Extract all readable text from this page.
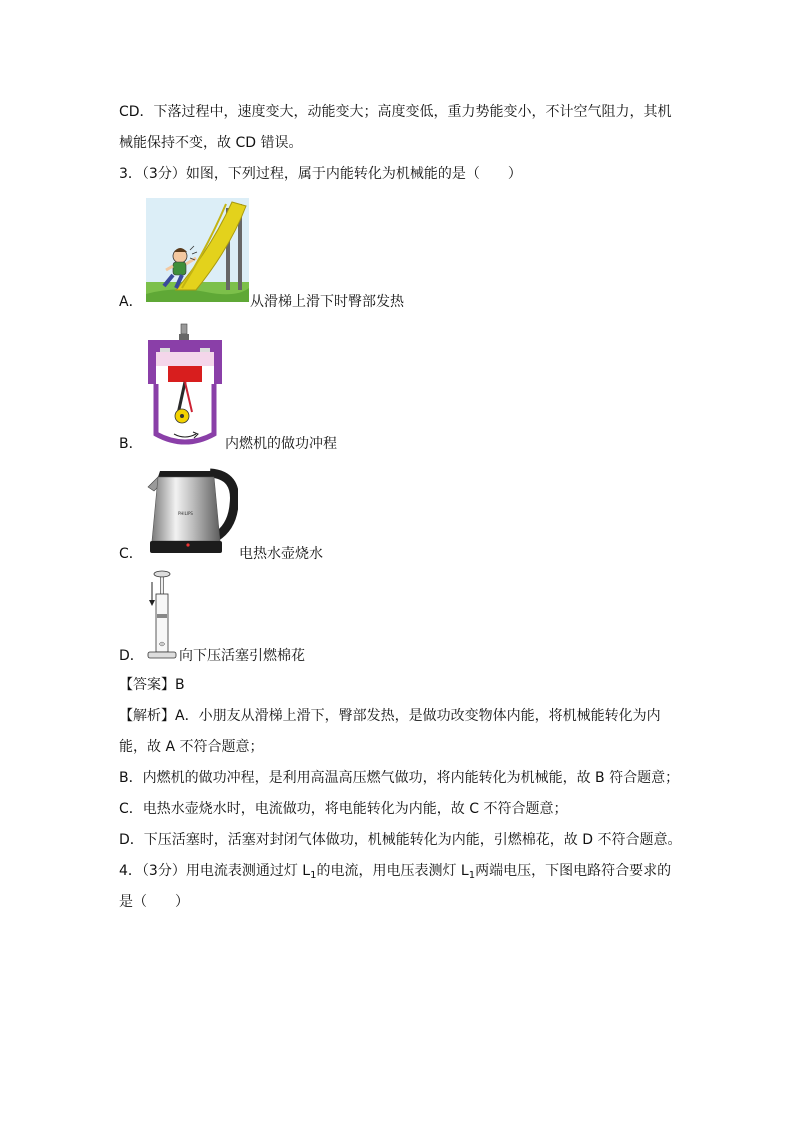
CD．下落过程中，速度变大，动能变大；高度变低，重力势能变小，不计空气阻力，其机
械能保持不变，故 CD 错误。
3．（3分）如图，下列过程，属于内能转化为机械能的是（　　）
A．	从滑梯上滑下时臀部发热
B．	内燃机的做功冲程
PHILIPS
C．	电热水壶烧水
D．	向下压活塞引燃棉花
【答案】B
【解析】A．小朋友从滑梯上滑下，臀部发热，是做功改变物体内能，将机械能转化为内
能，故 A 不符合题意；
B．内燃机的做功冲程，是利用高温高压燃气做功，将内能转化为机械能，故 B 符合题意；
C．电热水壶烧水时，电流做功，将电能转化为内能，故 C 不符合题意；
D．下压活塞时，活塞对封闭气体做功，机械能转化为内能，引燃棉花，故 D 不符合题意。
4．（3分）用电流表测通过灯 $L_1$的电流，用电压表测灯 $L_1$两端电压，下图电路符合要求的
是（　　）
